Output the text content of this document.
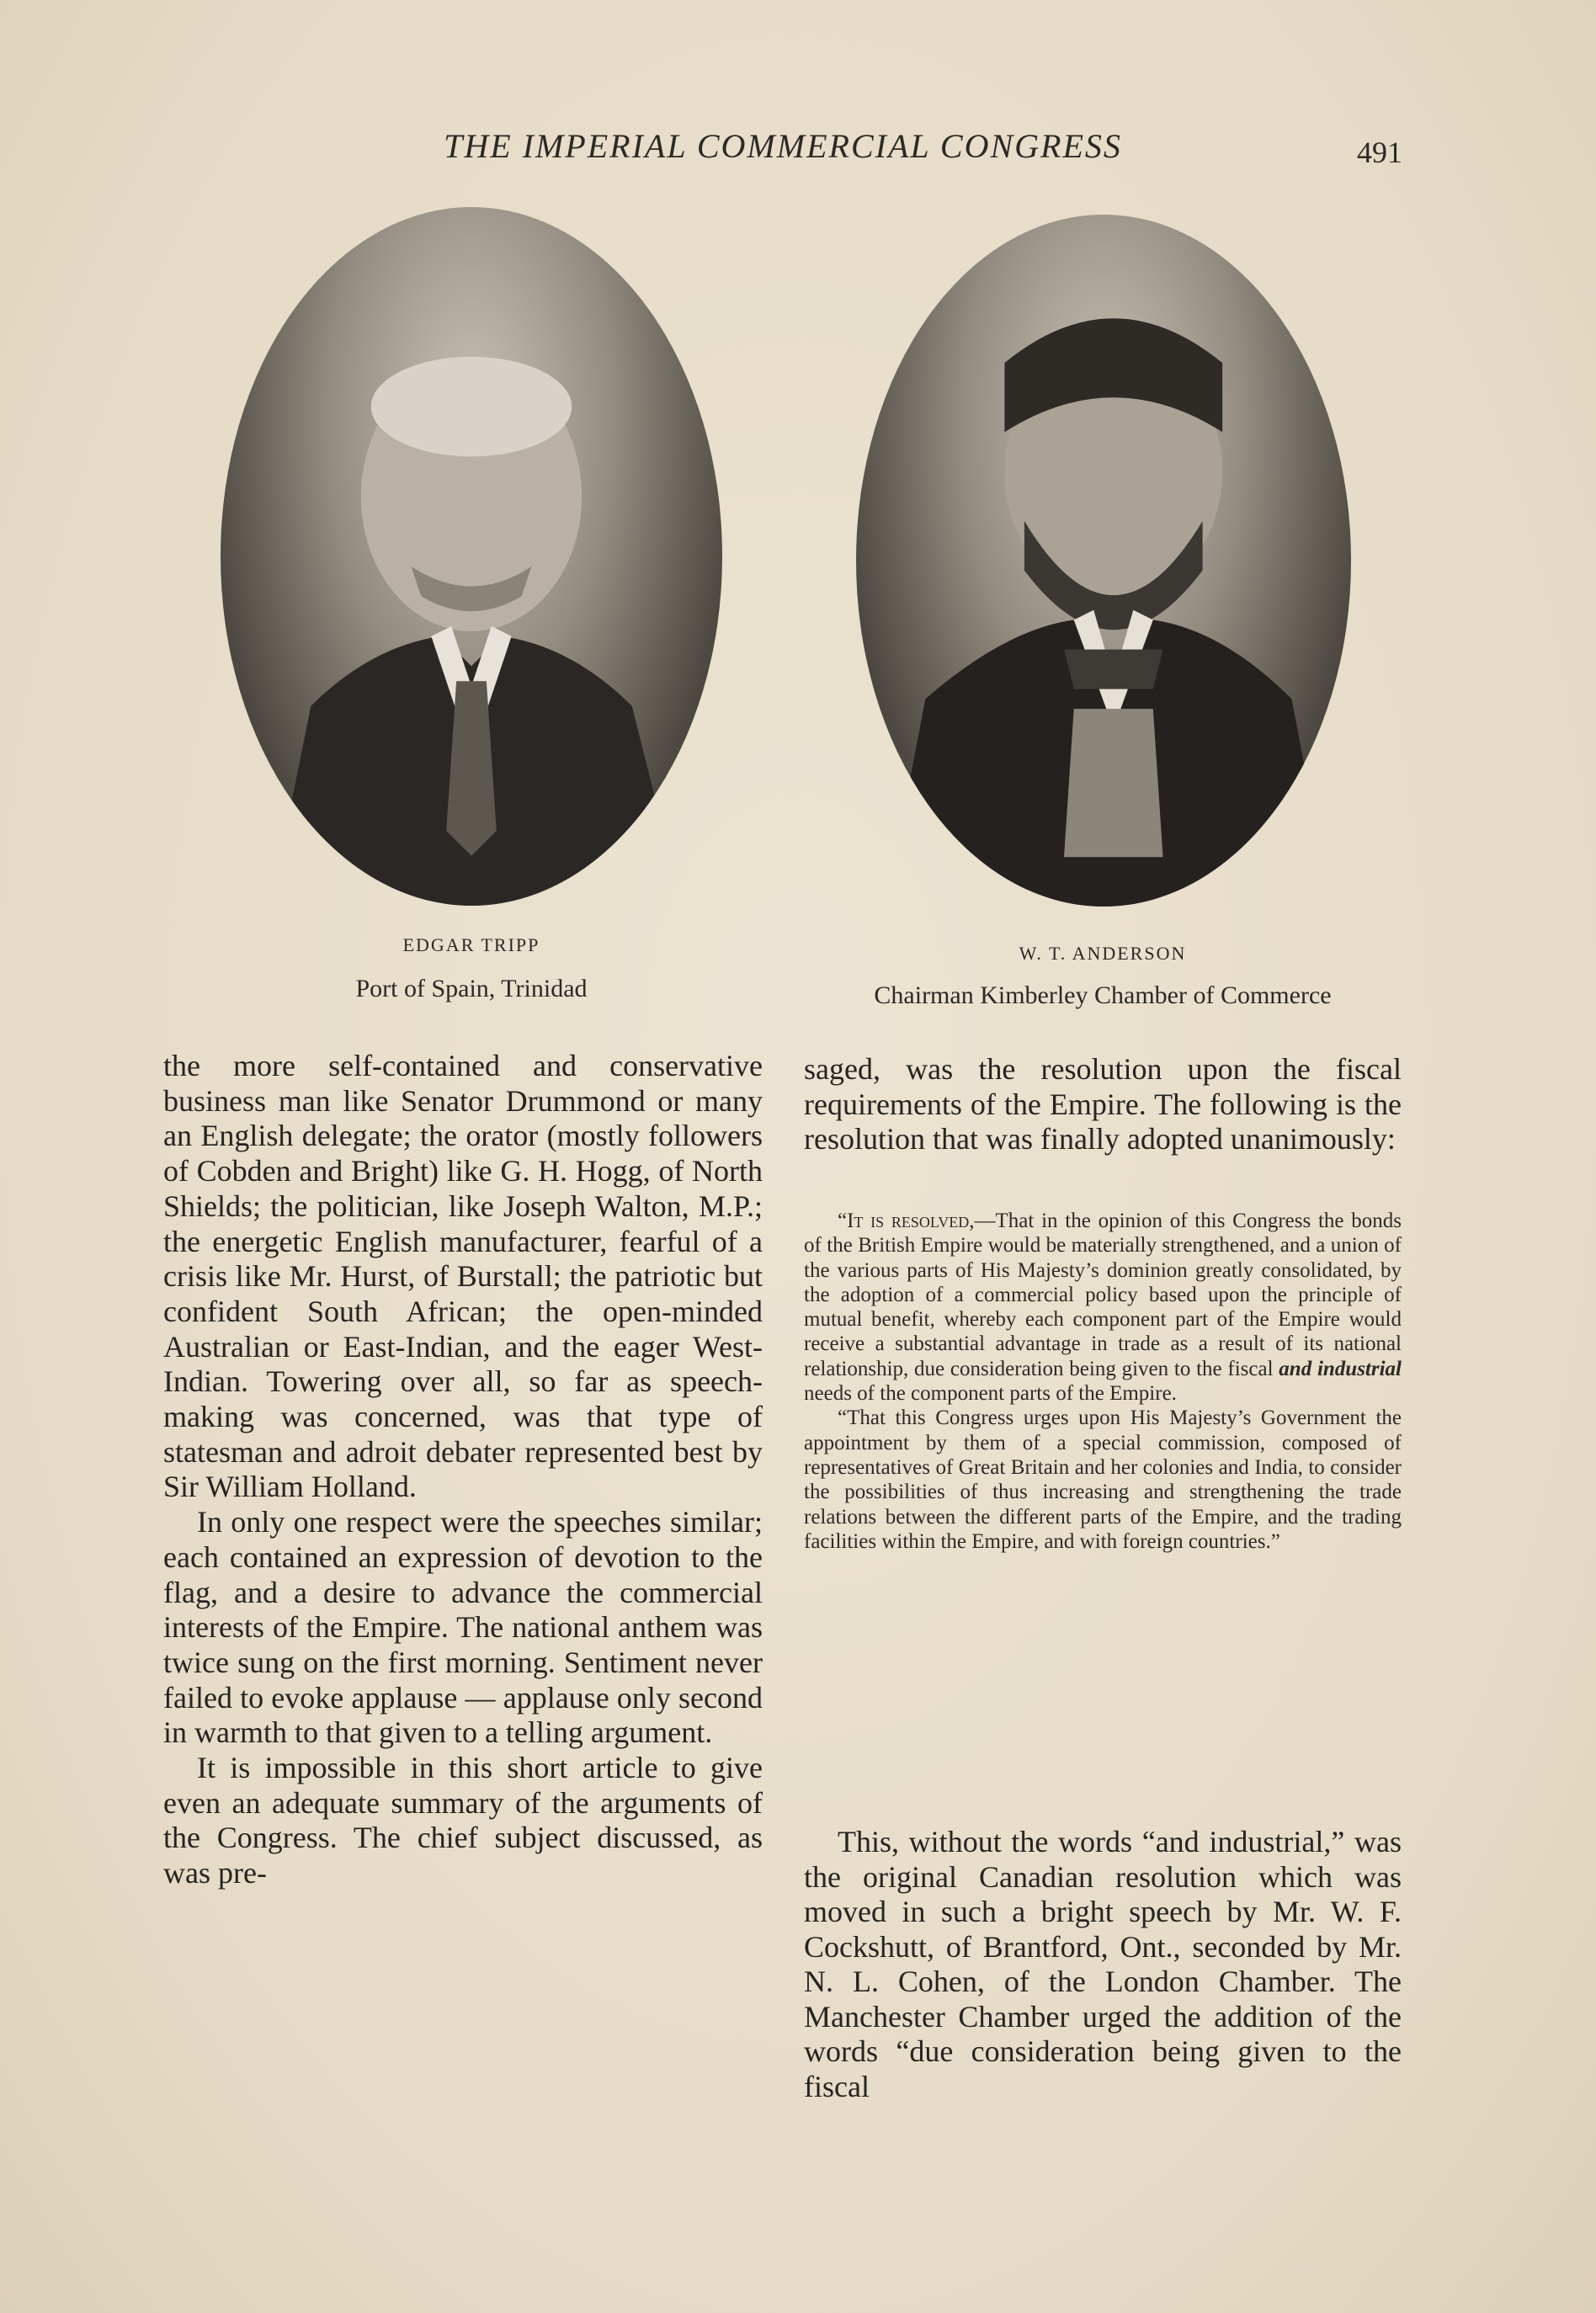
THE IMPERIAL COMMERCIAL CONGRESS	491
EDGAR TRIPP
Port of Spain, Trinidad
W. T. ANDERSON
Chairman Kimberley Chamber of Commerce

the more self-contained and conservative business man like Senator Drummond or many an English delegate; the orator (mostly followers of Cobden and Bright) like G. H. Hogg, of North Shields; the politician, like Joseph Walton, M.P.; the energetic English manufacturer, fearful of a crisis like Mr. Hurst, of Burstall; the patriotic but confident South African; the open-minded Australian or East-Indian, and the eager West-Indian. Towering over all, so far as speech-making was concerned, was that type of statesman and adroit debater represented best by Sir William Holland.

In only one respect were the speeches similar; each contained an expression of devotion to the flag, and a desire to advance the commercial interests of the Empire. The national anthem was twice sung on the first morning. Sentiment never failed to evoke applause — applause only second in warmth to that given to a telling argument.

It is impossible in this short article to give even an adequate summary of the arguments of the Congress. The chief subject discussed, as was pre-

saged, was the resolution upon the fiscal requirements of the Empire. The following is the resolution that was finally adopted unanimously:

“It is resolved,—That in the opinion of this Congress the bonds of the British Empire would be materially strengthened, and a union of the various parts of His Majesty’s dominion greatly consolidated, by the adoption of a commercial policy based upon the principle of mutual benefit, whereby each component part of the Empire would receive a substantial advantage in trade as a result of its national relationship, due consideration being given to the fiscal and industrial needs of the component parts of the Empire.

“That this Congress urges upon His Majesty’s Government the appointment by them of a special commission, composed of representatives of Great Britain and her colonies and India, to consider the possibilities of thus increasing and strengthening the trade relations between the different parts of the Empire, and the trading facilities within the Empire, and with foreign countries.”

This, without the words “and industrial,” was the original Canadian resolution which was moved in such a bright speech by Mr. W. F. Cockshutt, of Brantford, Ont., seconded by Mr. N. L. Cohen, of the London Chamber. The Manchester Chamber urged the addition of the words “due consideration being given to the fiscal
